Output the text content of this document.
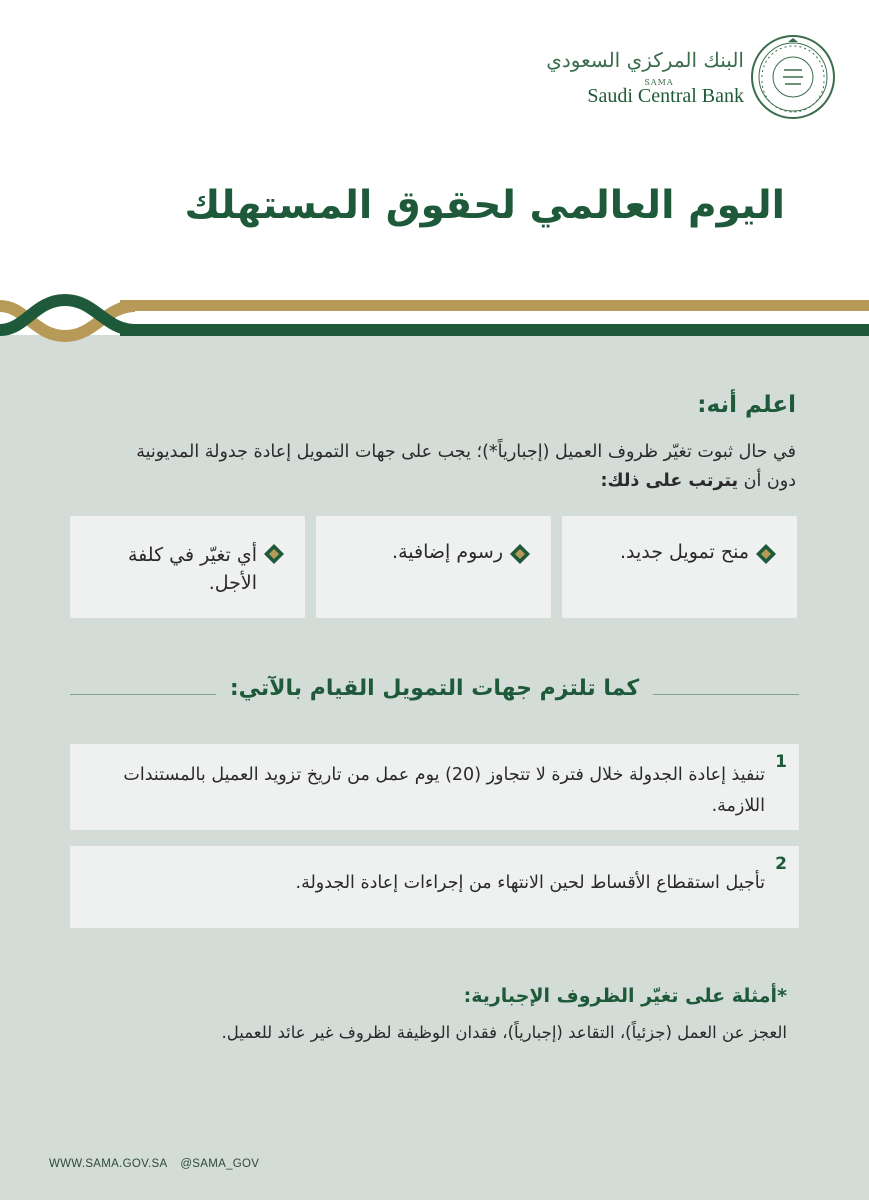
البنك المركزي السعودي
SAMA
Saudi Central Bank
اليوم العالمي لحقوق المستهلك
اعلم أنه:
في حال ثبوت تغيّر ظروف العميل (إجبارياً*)؛ يجب على جهات التمويل إعادة جدولة المديونية دون أن يترتب على ذلك:
منح تمويل جديد.
رسوم إضافية.
أي تغيّر في كلفة الأجل.
كما تلتزم جهات التمويل القيام بالآتي:
1
تنفيذ إعادة الجدولة خلال فترة لا تتجاوز (20) يوم عمل من تاريخ تزويد العميل بالمستندات اللازمة.
2
تأجيل استقطاع الأقساط لحين الانتهاء من إجراءات إعادة الجدولة.
*أمثلة على تغيّر الظروف الإجبارية:
العجز عن العمل (جزئياً)، التقاعد (إجبارياً)، فقدان الوظيفة لظروف غير عائد للعميل.
WWW.SAMA.GOV.SA @SAMA_GOV
